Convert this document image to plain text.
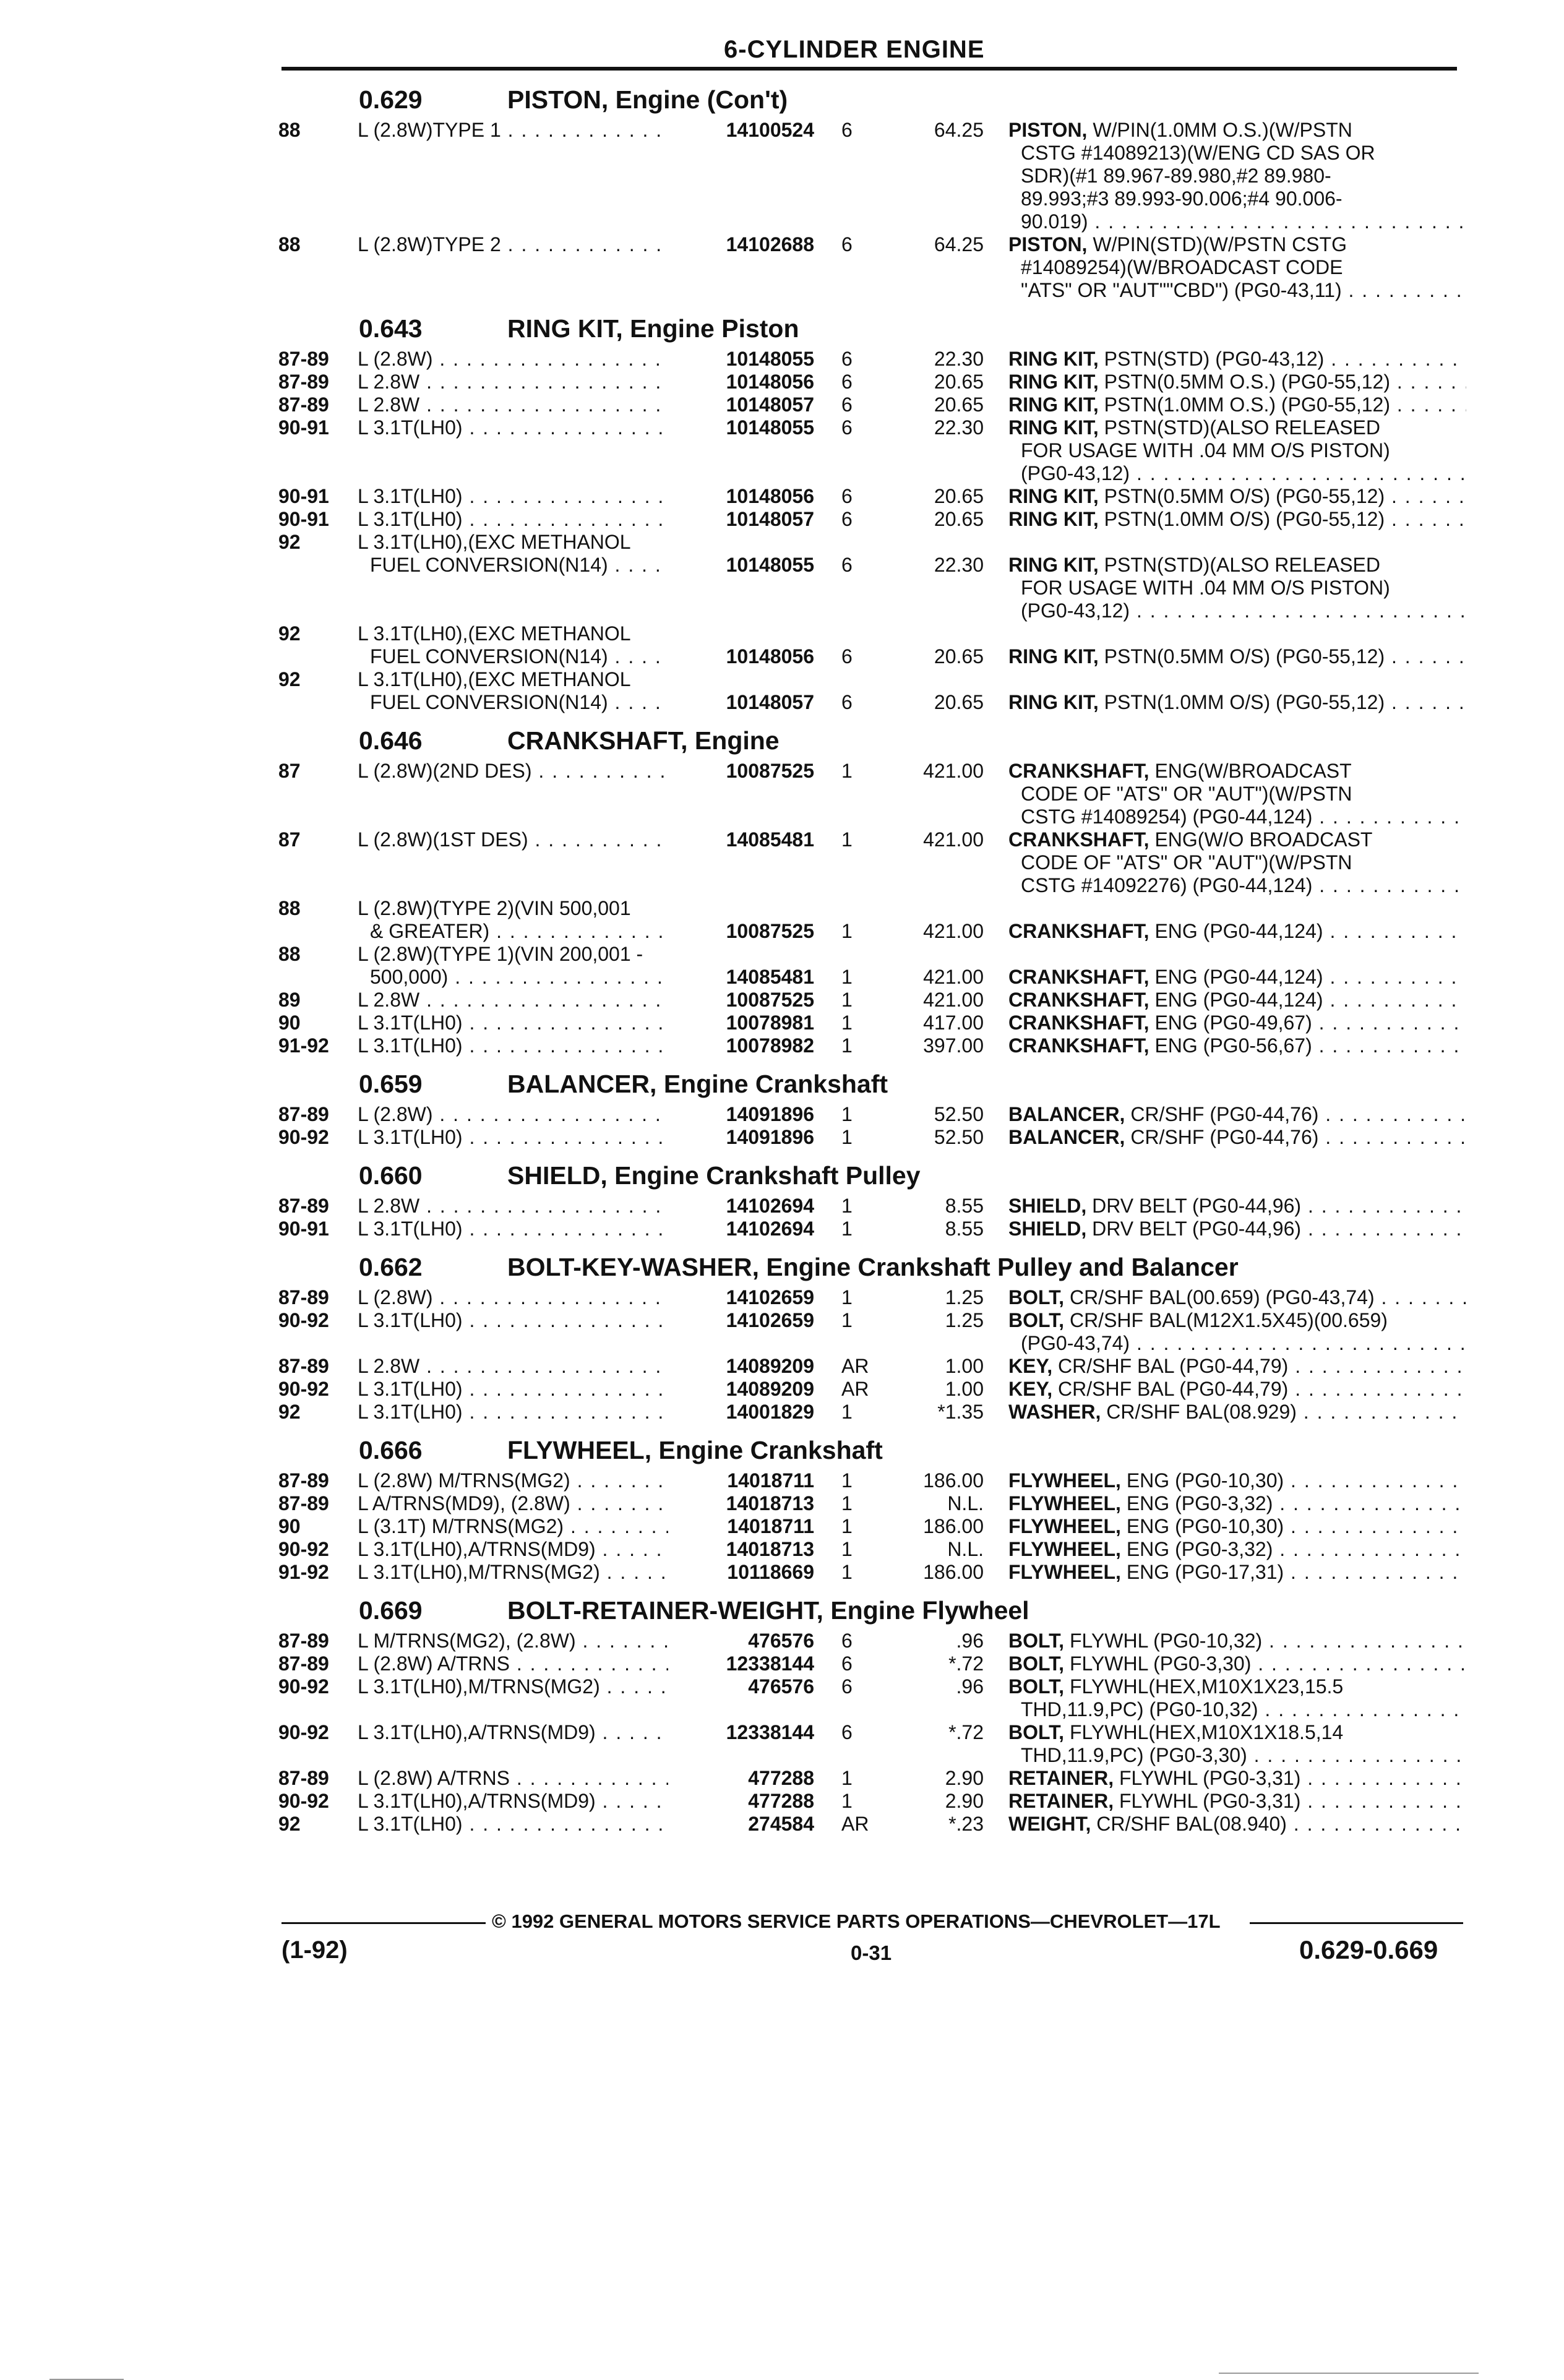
6-CYLINDER ENGINE
0.629	PISTON, Engine (Con't)
88	L (2.8W)TYPE 1 . . .	14100524 6	64.25 PISTON, W/PIN(1.0MM O.S.)(W/PSTN
CSTG #14089213)(W/ENG CD SAS OR
SDR)(#1 89.967-89.980,#2 89.980-
89.993;#3 89.993-90.006;#4 90.006-
90.019) . . .
88	L (2.8W)TYPE 2 . . .	14102688 6	64.25 PISTON, W/PIN(STD)(W/PSTN CSTG
#14089254)(W/BROADCAST CODE
"ATS" OR "AUT""CBD") (PG0-43,11) . . .
0.643	RING KIT, Engine Piston
87-89 L (2.8W) . . .	10148055 6	22.30 RING KIT, PSTN(STD) (PG0-43,12) . . .
87-89 L 2.8W . . .	10148056 6	20.65 RING KIT, PSTN(0.5MM O.S.) (PG0-55,12) . . .
87-89 L 2.8W . . .	10148057 6	20.65 RING KIT, PSTN(1.0MM O.S.) (PG0-55,12) . . .
90-91 L 3.1T(LH0) . . .	10148055 6	22.30 RING KIT, PSTN(STD)(ALSO RELEASED
FOR USAGE WITH .04 MM O/S PISTON)
(PG0-43,12) . . .
90-91 L 3.1T(LH0) . . .	10148056 6	20.65 RING KIT, PSTN(0.5MM O/S) (PG0-55,12) . . .
90-91 L 3.1T(LH0) . . .	10148057 6	20.65 RING KIT, PSTN(1.0MM O/S) (PG0-55,12) . . .
92	L 3.1T(LH0),(EXC METHANOL
FUEL CONVERSION(N14) . . .	10148055 6	22.30 RING KIT, PSTN(STD)(ALSO RELEASED
FOR USAGE WITH .04 MM O/S PISTON)
(PG0-43,12) . . .
92	L 3.1T(LH0),(EXC METHANOL
FUEL CONVERSION(N14) . . .	10148056 6	20.65 RING KIT, PSTN(0.5MM O/S) (PG0-55,12) . . .
92	L 3.1T(LH0),(EXC METHANOL
FUEL CONVERSION(N14) . . .	10148057 6	20.65 RING KIT, PSTN(1.0MM O/S) (PG0-55,12) . . .
0.646	CRANKSHAFT, Engine
87	L (2.8W)(2ND DES) . . .	10087525 1	421.00 CRANKSHAFT, ENG(W/BROADCAST
CODE OF "ATS" OR "AUT")(W/PSTN
CSTG #14089254) (PG0-44,124) . . .
87	L (2.8W)(1ST DES) . . .	14085481 1	421.00 CRANKSHAFT, ENG(W/O BROADCAST
CODE OF "ATS" OR "AUT")(W/PSTN
CSTG #14092276) (PG0-44,124) . . .
88	L (2.8W)(TYPE 2)(VIN 500,001
& GREATER) . . .	10087525 1	421.00 CRANKSHAFT, ENG (PG0-44,124) . . .
88	L (2.8W)(TYPE 1)(VIN 200,001 -
500,000) . . .	14085481 1	421.00 CRANKSHAFT, ENG (PG0-44,124) . . .
89	L 2.8W . . .	10087525 1	421.00 CRANKSHAFT, ENG (PG0-44,124) . . .
90	L 3.1T(LH0) . . .	10078981 1	417.00 CRANKSHAFT, ENG (PG0-49,67) . . .
91-92 L 3.1T(LH0) . . .	10078982 1	397.00 CRANKSHAFT, ENG (PG0-56,67) . . .
0.659	BALANCER, Engine Crankshaft
87-89 L (2.8W) . . .	14091896 1	52.50 BALANCER, CR/SHF (PG0-44,76) . . .
90-92 L 3.1T(LH0) . . .	14091896 1	52.50 BALANCER, CR/SHF (PG0-44,76) . . .
0.660	SHIELD, Engine Crankshaft Pulley
87-89 L 2.8W . . .	14102694 1	8.55 SHIELD, DRV BELT (PG0-44,96) . . .
90-91 L 3.1T(LH0) . . .	14102694 1	8.55 SHIELD, DRV BELT (PG0-44,96) . . .
0.662	BOLT-KEY-WASHER, Engine Crankshaft Pulley and Balancer
87-89 L (2.8W) . . .	14102659 1	1.25 BOLT, CR/SHF BAL(00.659) (PG0-43,74) . . .
90-92 L 3.1T(LH0) . . .	14102659 1	1.25 BOLT, CR/SHF BAL(M12X1.5X45)(00.659)
(PG0-43,74) . . .
87-89 L 2.8W . . .	14089209 AR	1.00 KEY, CR/SHF BAL (PG0-44,79) . . .
90-92 L 3.1T(LH0) . . .	14089209 AR	1.00 KEY, CR/SHF BAL (PG0-44,79) . . .
92	L 3.1T(LH0) . . .	14001829 1	*1.35 WASHER, CR/SHF BAL(08.929) . . .
0.666	FLYWHEEL, Engine Crankshaft
87-89 L (2.8W) M/TRNS(MG2) . . .	14018711 1	186.00 FLYWHEEL, ENG (PG0-10,30) . . .
87-89 L A/TRNS(MD9), (2.8W) . . .	14018713 1	N.L. FLYWHEEL, ENG (PG0-3,32) . . .
90	L (3.1T) M/TRNS(MG2) . . .	14018711 1	186.00 FLYWHEEL, ENG (PG0-10,30) . . .
90-92 L 3.1T(LH0),A/TRNS(MD9) . . .	14018713 1	N.L. FLYWHEEL, ENG (PG0-3,32) . . .
91-92 L 3.1T(LH0),M/TRNS(MG2) . . .	10118669 1	186.00 FLYWHEEL, ENG (PG0-17,31) . . .
0.669	BOLT-RETAINER-WEIGHT, Engine Flywheel
87-89 L M/TRNS(MG2), (2.8W) . . .	476576 6	.96 BOLT, FLYWHL (PG0-10,32) . . .
87-89 L (2.8W) A/TRNS . . .	12338144 6	*.72 BOLT, FLYWHL (PG0-3,30) . . .
90-92 L 3.1T(LH0),M/TRNS(MG2) . . .	476576 6	.96 BOLT, FLYWHL(HEX,M10X1X23,15.5
THD,11.9,PC) (PG0-10,32) . . .
90-92 L 3.1T(LH0),A/TRNS(MD9) . . .	12338144 6	*.72 BOLT, FLYWHL(HEX,M10X1X18.5,14
THD,11.9,PC) (PG0-3,30) . . .
87-89 L (2.8W) A/TRNS . . .	477288 1	2.90 RETAINER, FLYWHL (PG0-3,31) . . .
90-92 L 3.1T(LH0),A/TRNS(MD9) . . .	477288 1	2.90 RETAINER, FLYWHL (PG0-3,31) . . .
92	L 3.1T(LH0) . . .	274584 AR	*.23 WEIGHT, CR/SHF BAL(08.940) . . .
© 1992 GENERAL MOTORS SERVICE PARTS OPERATIONS—CHEVROLET—17L
(1-92)	0-31	0.629-0.669
